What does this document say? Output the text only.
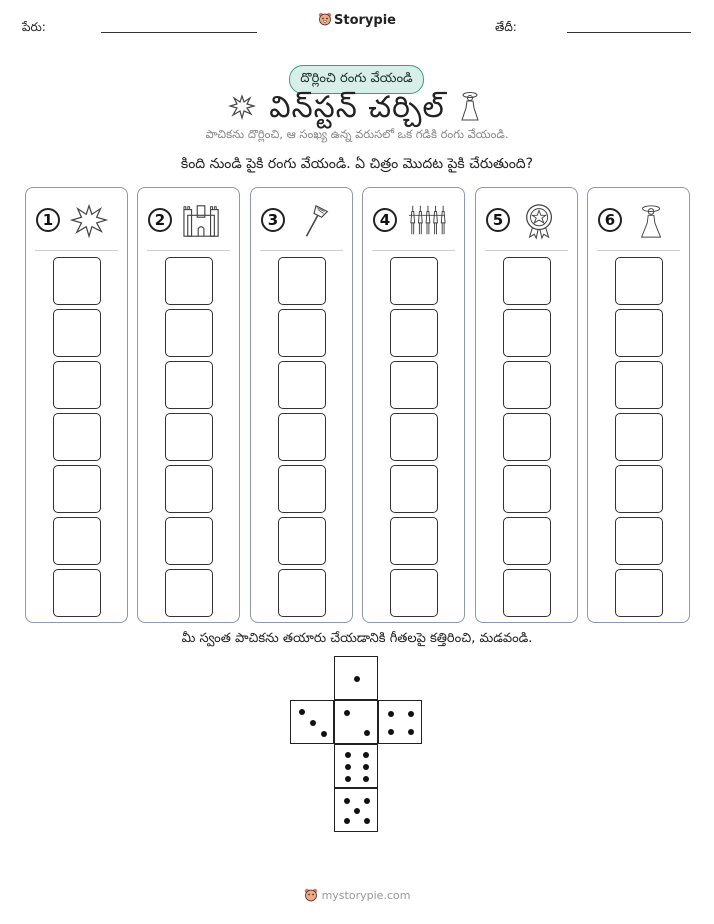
పేరు:	Storypie	తేదీ:
దొర్లించి రంగు వేయండి
విన్‌స్టన్ చర్చిల్
పాచికను దొర్లించి, ఆ సంఖ్య ఉన్న వరుసలో ఒక గడికి రంగు వేయండి.
కింది నుండి పైకి రంగు వేయండి. ఏ చిత్రం మొదట పైకి చేరుతుంది?
1	2	3	4	5	6
మీ స్వంత పాచికను తయారు చేయడానికి గీతలపై కత్తిరించి, మడవండి.
mystorypie.com
